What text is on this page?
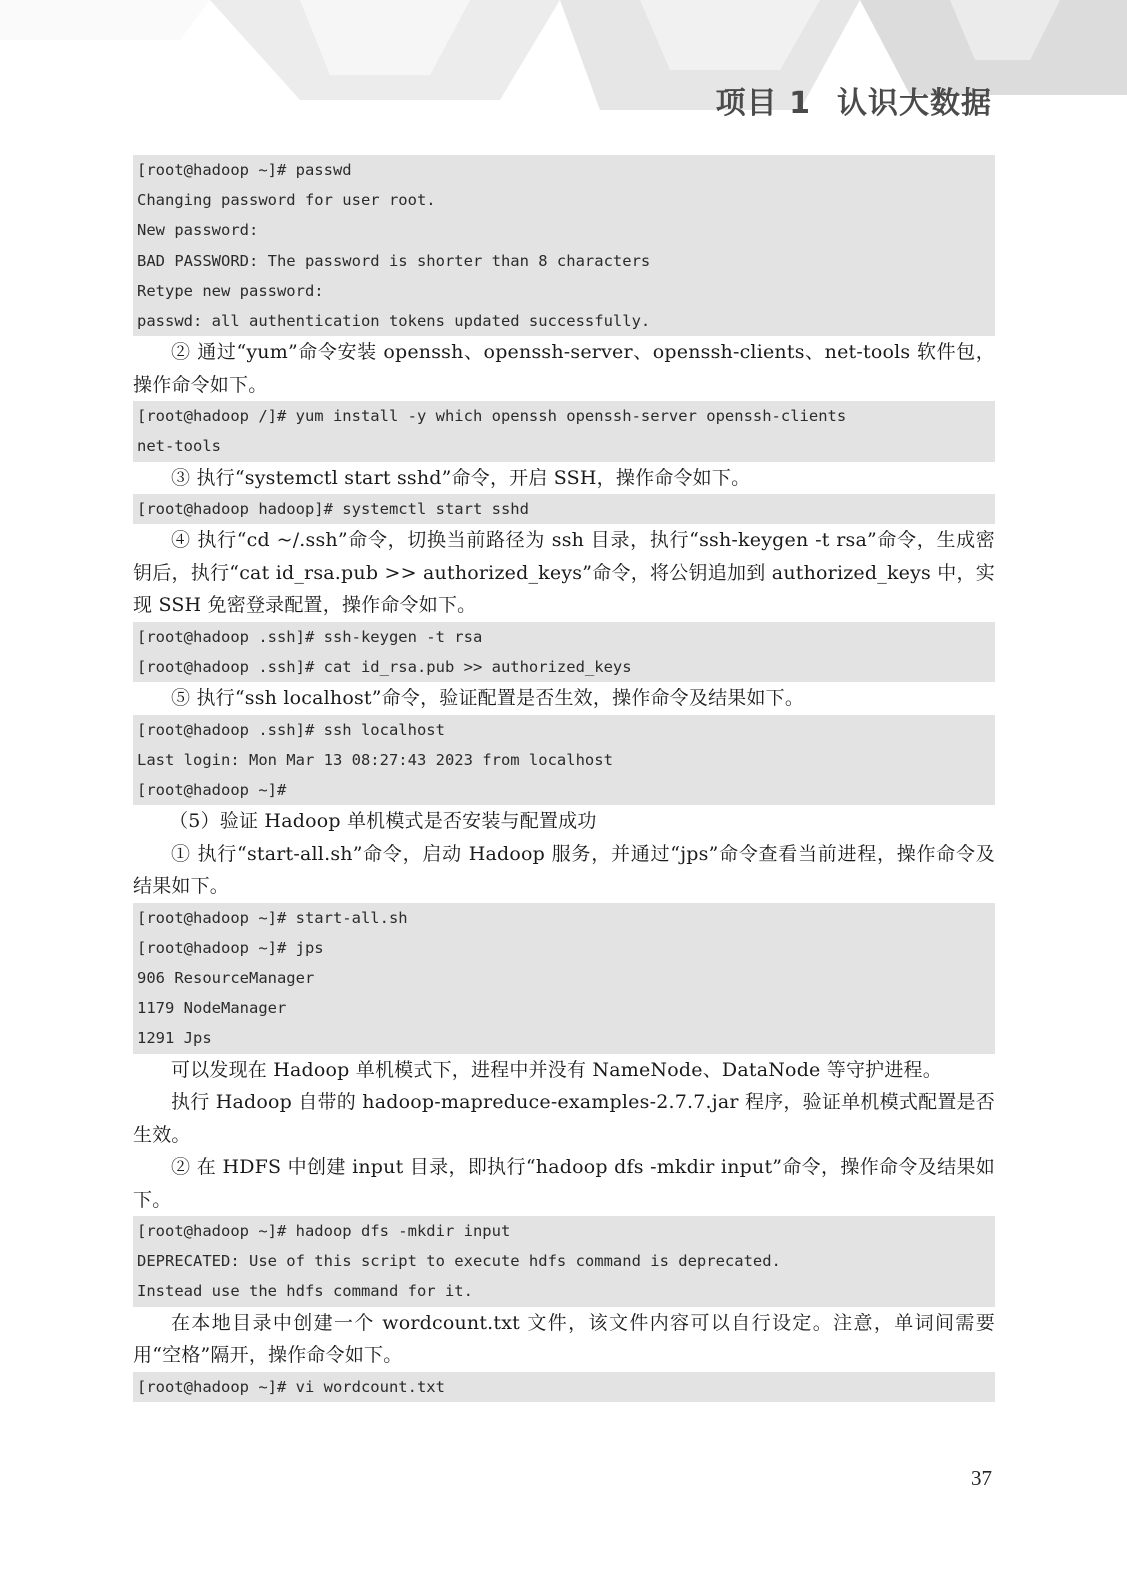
项目 1 认识大数据
[root@hadoop ~]# passwd
Changing password for user root.
New password:
BAD PASSWORD: The password is shorter than 8 characters
Retype new password:
passwd: all authentication tokens updated successfully.

② 通过“yum”命令安装 openssh、openssh-server、openssh-clients、net-tools 软件包，操作命令如下。

[root@hadoop /]# yum install -y which openssh openssh-server openssh-clients
net-tools

③ 执行“systemctl start sshd”命令，开启 SSH，操作命令如下。

[root@hadoop hadoop]# systemctl start sshd

④ 执行“cd ~/.ssh”命令，切换当前路径为 ssh 目录，执行“ssh-keygen -t rsa”命令，生成密钥后，执行“cat id_rsa.pub >> authorized_keys”命令，将公钥追加到 authorized_keys 中，实现 SSH 免密登录配置，操作命令如下。

[root@hadoop .ssh]# ssh-keygen -t rsa
[root@hadoop .ssh]# cat id_rsa.pub >> authorized_keys

⑤ 执行“ssh localhost”命令，验证配置是否生效，操作命令及结果如下。

[root@hadoop .ssh]# ssh localhost
Last login: Mon Mar 13 08:27:43 2023 from localhost
[root@hadoop ~]#

（5）验证 Hadoop 单机模式是否安装与配置成功

① 执行“start-all.sh”命令，启动 Hadoop 服务，并通过“jps”命令查看当前进程，操作命令及结果如下。

[root@hadoop ~]# start-all.sh
[root@hadoop ~]# jps
906 ResourceManager
1179 NodeManager
1291 Jps

可以发现在 Hadoop 单机模式下，进程中并没有 NameNode、DataNode 等守护进程。

执行 Hadoop 自带的 hadoop-mapreduce-examples-2.7.7.jar 程序，验证单机模式配置是否生效。

② 在 HDFS 中创建 input 目录，即执行“hadoop dfs -mkdir input”命令，操作命令及结果如下。

[root@hadoop ~]# hadoop dfs -mkdir input
DEPRECATED: Use of this script to execute hdfs command is deprecated.
Instead use the hdfs command for it.

在本地目录中创建一个 wordcount.txt 文件，该文件内容可以自行设定。注意，单词间需要用“空格”隔开，操作命令如下。

[root@hadoop ~]# vi wordcount.txt
37
